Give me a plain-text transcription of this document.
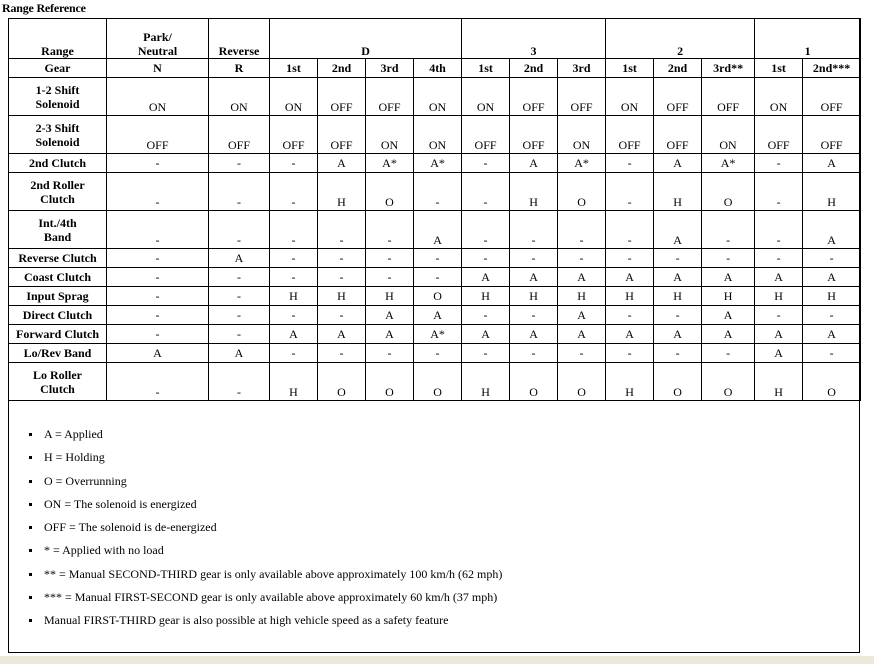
Range Reference
Range	Park/
Neutral	Reverse	D				3			2			1	
Gear	N	R	1st	2nd	3rd	4th	1st	2nd	3rd	1st	2nd	3rd**	1st	2nd***
1-2 Shift
Solenoid	ON	ON	ON	OFF	OFF	ON	ON	OFF	OFF	ON	OFF	OFF	ON	OFF
2-3 Shift
Solenoid	OFF	OFF	OFF	OFF	ON	ON	OFF	OFF	ON	OFF	OFF	ON	OFF	OFF
2nd Clutch	-	-	-	A	A*	A*	-	A	A*	-	A	A*	-	A
2nd Roller
Clutch	-	-	-	H	O	-	-	H	O	-	H	O	-	H
Int./4th
Band	-	-	-	-	-	A	-	-	-	-	A	-	-	A
Reverse Clutch	-	A	-	-	-	-	-	-	-	-	-	-	-	-
Coast Clutch	-	-	-	-	-	-	A	A	A	A	A	A	A	A
Input Sprag	-	-	H	H	H	O	H	H	H	H	H	H	H	H
Direct Clutch	-	-	-	-	A	A	-	-	A	-	-	A	-	-
Forward Clutch	-	-	A	A	A	A*	A	A	A	A	A	A	A	A
Lo/Rev Band	A	A	-	-	-	-	-	-	-	-	-	-	A	-
Lo Roller
Clutch	-	-	H	O	O	O	H	O	O	H	O	O	H	O
A = Applied
H = Holding
O = Overrunning
ON = The solenoid is energized
OFF = The solenoid is de-energized
* = Applied with no load
** = Manual SECOND-THIRD gear is only available above approximately 100 km/h (62 mph)
*** = Manual FIRST-SECOND gear is only available above approximately 60 km/h (37 mph)
Manual FIRST-THIRD gear is also possible at high vehicle speed as a safety feature
